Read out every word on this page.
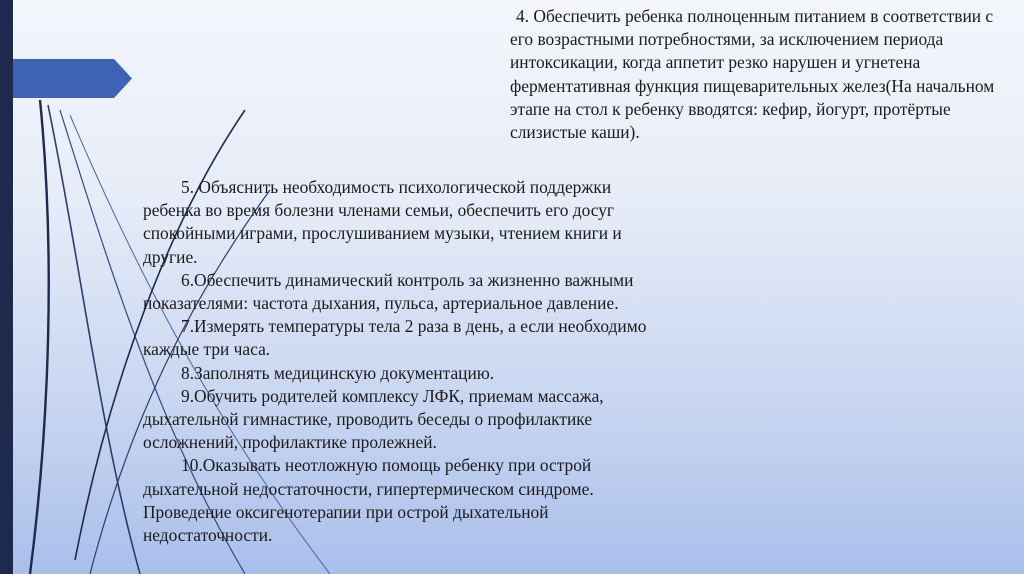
4. Обеспечить ребенка полноценным питанием в соответствии с его возрастными потребностями, за исключением периода интоксикации, когда аппетит резко нарушен и угнетена ферментативная функция пищеварительных желез(На начальном этапе на стол к ребенку вводятся: кефир, йогурт, протёртые слизистые каши).

5. Объяснить необходимость психологической поддержки ребенка во время болезни членами семьи, обеспечить его досуг спокойными играми, прослушиванием музыки, чтением книги и другие.

6.Обеспечить динамический контроль за жизненно важными показателями: частота дыхания, пульса, артериальное давление.

7.Измерять температуры тела 2 раза в день, а если необходимо каждые три часа.

8.Заполнять медицинскую документацию.

9.Обучить родителей комплексу ЛФК, приемам массажа, дыхательной гимнастике, проводить беседы о профилактике осложнений, профилактике пролежней.

10.Оказывать неотложную помощь ребенку при острой дыхательной недостаточности, гипертермическом синдроме. Проведение оксигенотерапии при острой дыхательной недостаточности.
